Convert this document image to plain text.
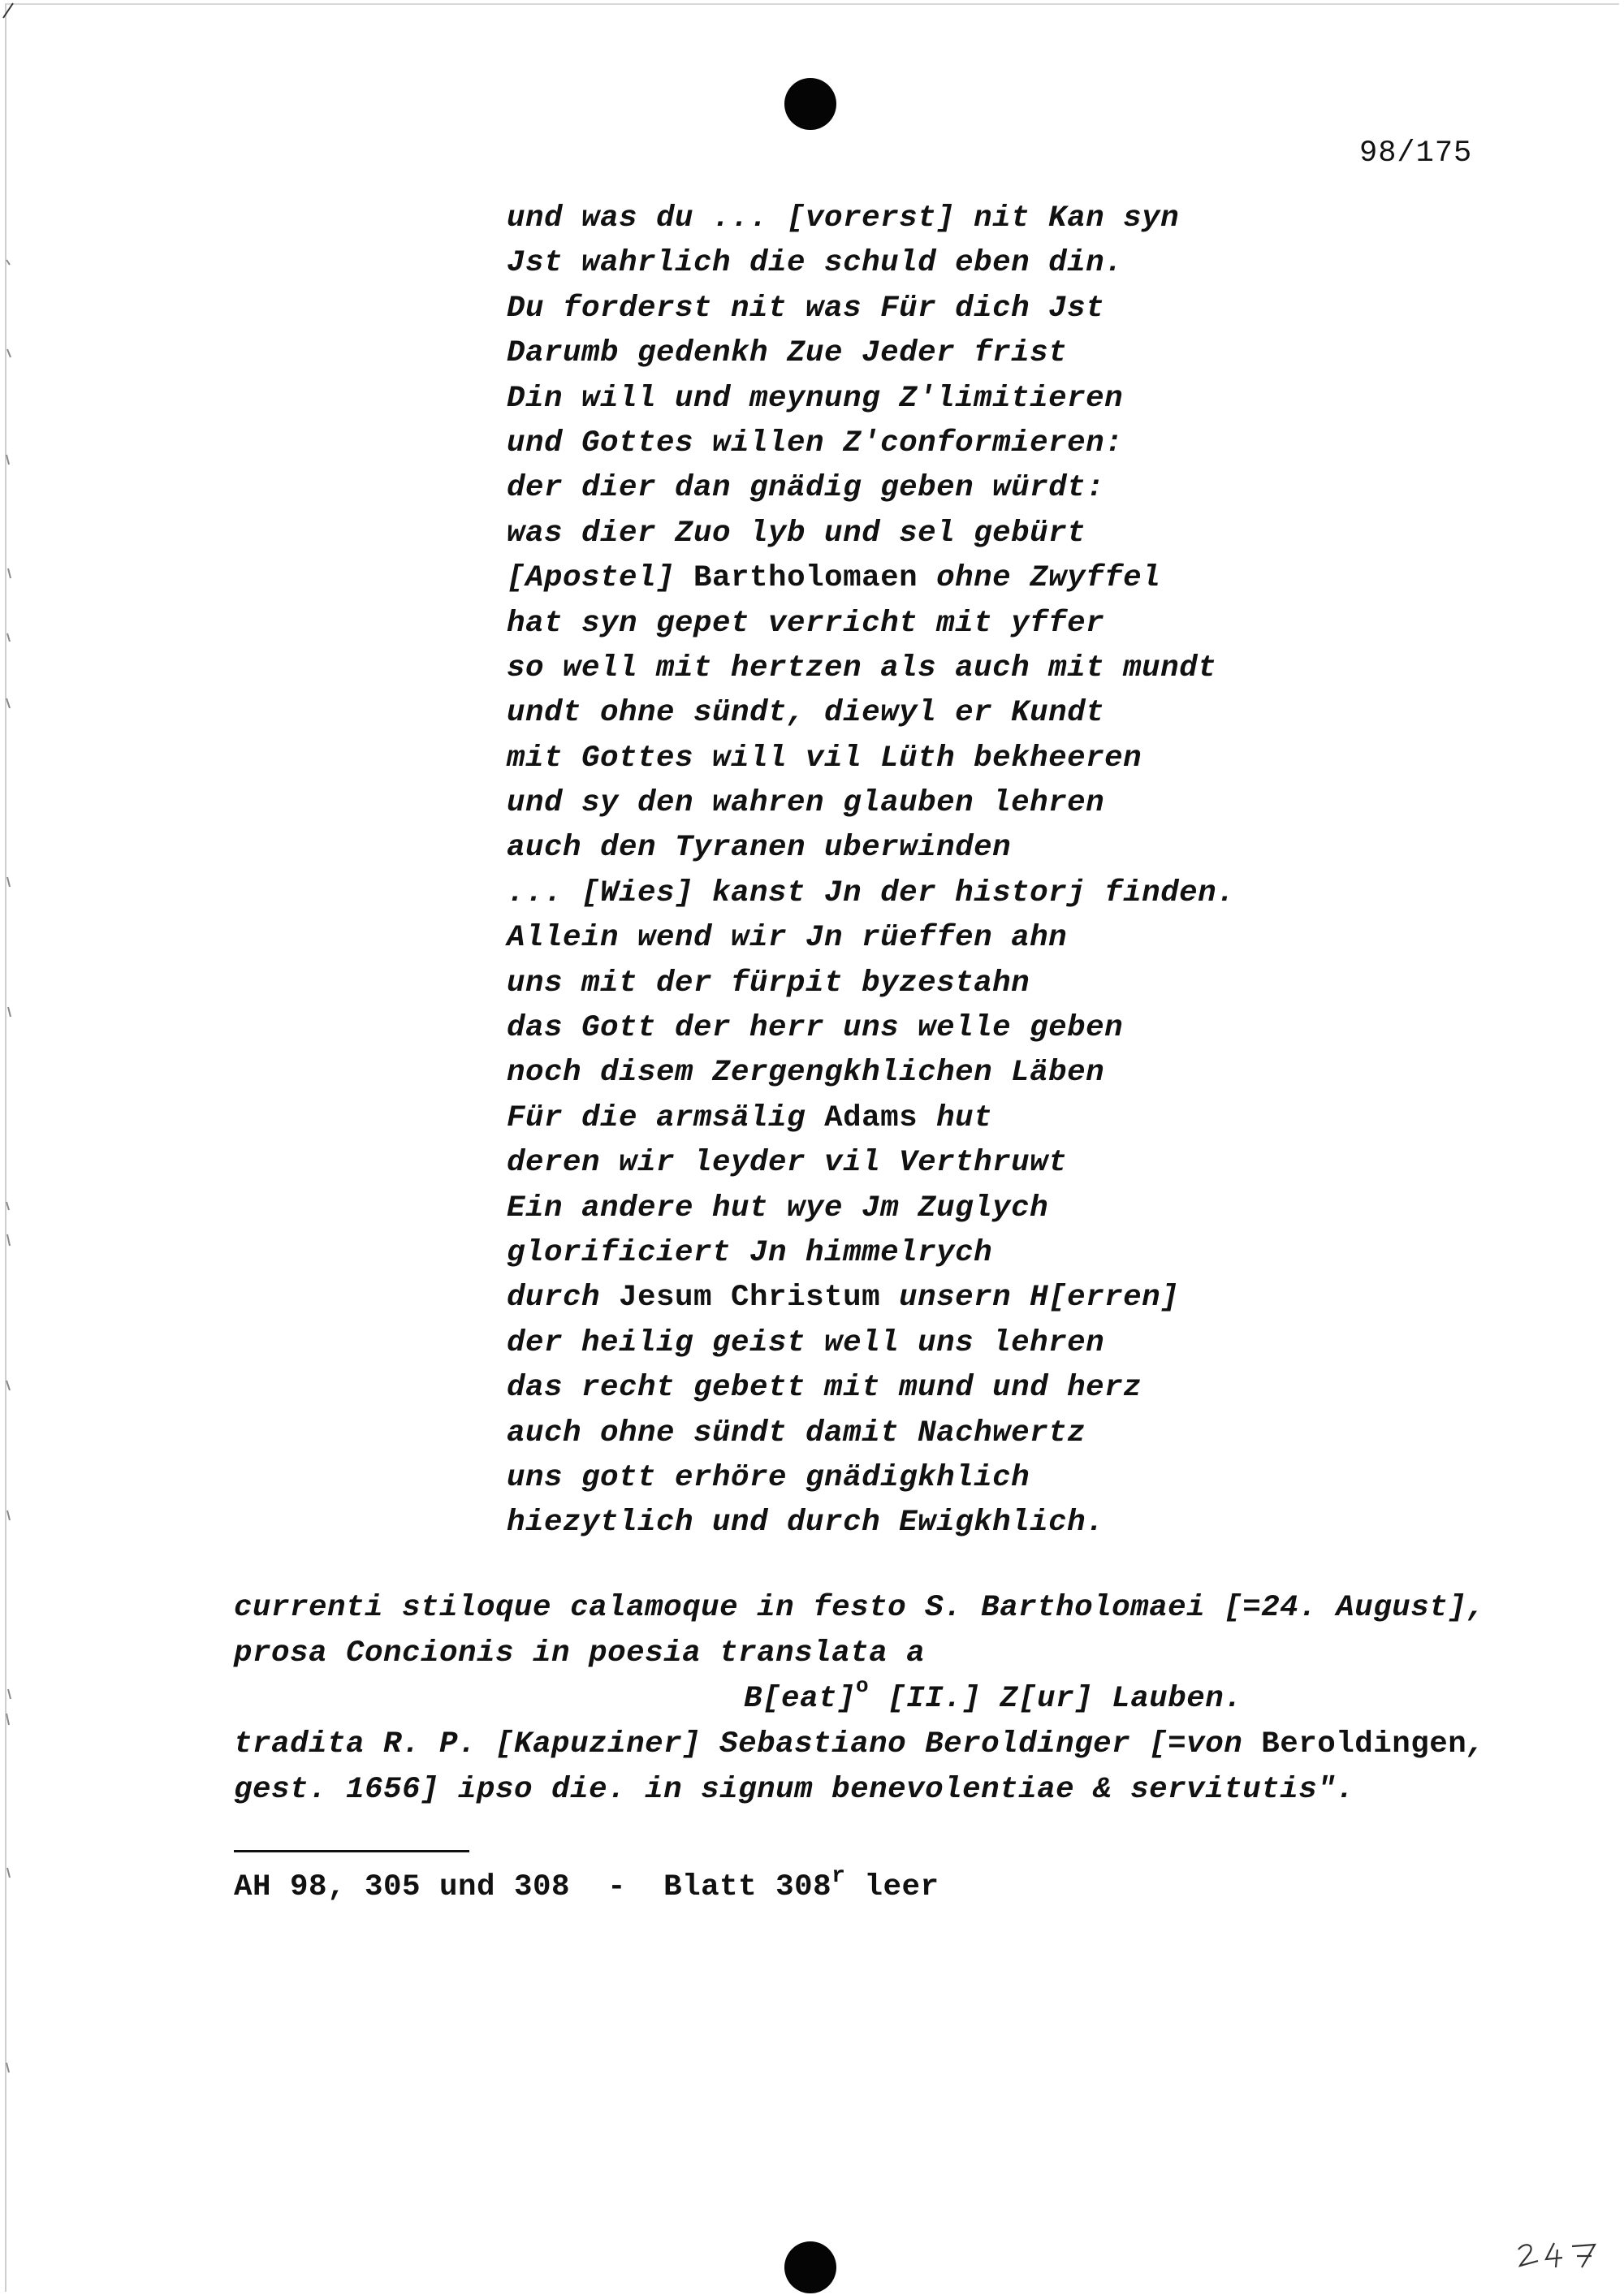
98/175
und was du ... [vorerst] nit Kan syn
Jst wahrlich die schuld eben din.
Du forderst nit was Für dich Jst
Darumb gedenkh Zue Jeder frist
Din will und meynung Z'limitieren
und Gottes willen Z'conformieren:
der dier dan gnädig geben würdt:
was dier Zuo lyb und sel gebürt
[Apostel] Bartholomaen ohne Zwyffel
hat syn gepet verricht mit yffer
so well mit hertzen als auch mit mundt
undt ohne sündt, diewyl er Kundt
mit Gottes will vil Lüth bekheeren
und sy den wahren glauben lehren
auch den Tyranen uberwinden
... [Wies] kanst Jn der historj finden.
Allein wend wir Jn rüeffen ahn
uns mit der fürpit byzestahn
das Gott der herr uns welle geben
noch disem Zergengkhlichen Läben
Für die armsälig Adams hut
deren wir leyder vil Verthruwt
Ein andere hut wye Jm Zuglych
glorificiert Jn himmelrych
durch Jesum Christum unsern H[erren]
der heilig geist well uns lehren
das recht gebett mit mund und herz
auch ohne sündt damit Nachwertz
uns gott erhöre gnädigkhlich
hiezytlich und durch Ewigkhlich.
currenti stiloque calamoque in festo S. Bartholomaei [=24. August],
prosa Concionis in poesia translata a
B[eat]$^o$ [II.] Z[ur] Lauben.
tradita R. P. [Kapuziner] Sebastiano Beroldinger [=von Beroldingen,
gest. 1656] ipso die. in signum benevolentiae & servitutis".
AH 98, 305 und 308  -  Blatt 308$^r$ leer
